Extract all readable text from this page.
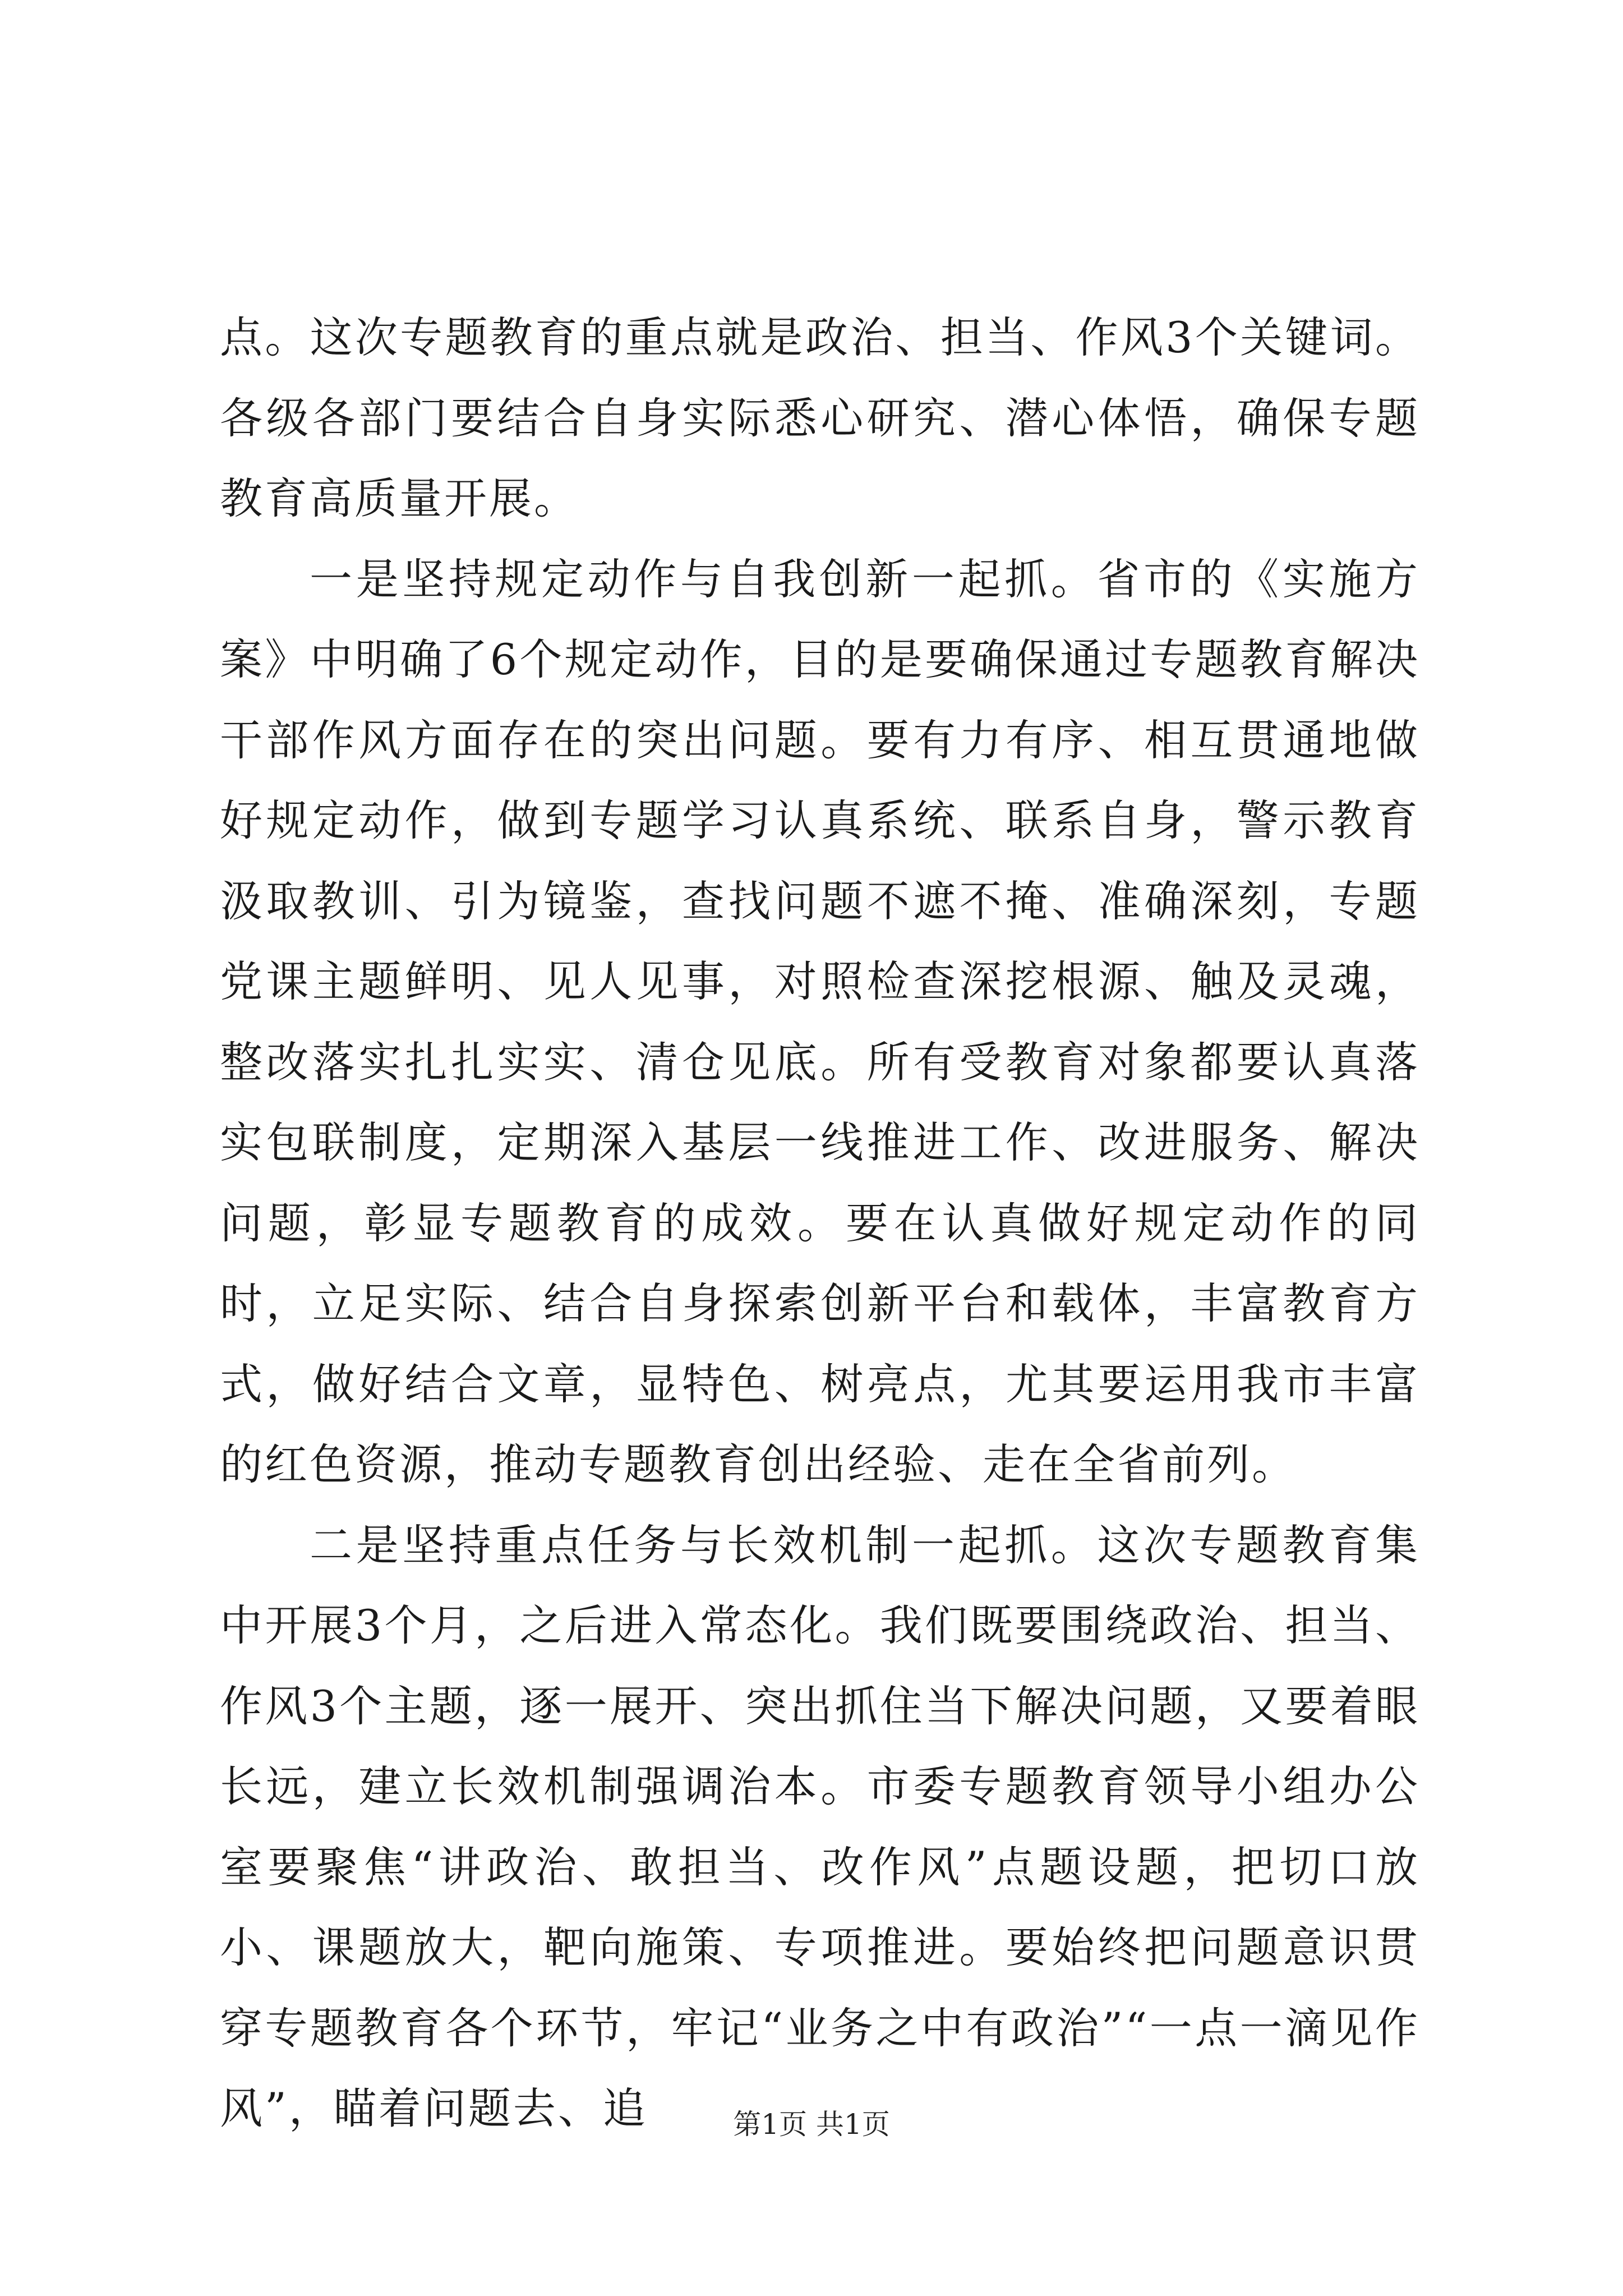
点。这次专题教育的重点就是政治、担当、作风3个关键词。各级各部门要结合自身实际悉心研究、潜心体悟，确保专题教育高质量开展。

一是坚持规定动作与自我创新一起抓。省市的《实施方案》中明确了6个规定动作，目的是要确保通过专题教育解决干部作风方面存在的突出问题。要有力有序、相互贯通地做好规定动作，做到专题学习认真系统、联系自身，警示教育汲取教训、引为镜鉴，查找问题不遮不掩、准确深刻，专题党课主题鲜明、见人见事，对照检查深挖根源、触及灵魂，整改落实扎扎实实、清仓见底。所有受教育对象都要认真落实包联制度，定期深入基层一线推进工作、改进服务、解决问题，彰显专题教育的成效。要在认真做好规定动作的同时，立足实际、结合自身探索创新平台和载体，丰富教育方式，做好结合文章，显特色、树亮点，尤其要运用我市丰富的红色资源，推动专题教育创出经验、走在全省前列。

二是坚持重点任务与长效机制一起抓。这次专题教育集中开展3个月，之后进入常态化。我们既要围绕政治、担当、作风3个主题，逐一展开、突出抓住当下解决问题，又要着眼长远，建立长效机制强调治本。市委专题教育领导小组办公室要聚焦“讲政治、敢担当、改作风”点题设题，把切口放小、课题放大，靶向施策、专项推进。要始终把问题意识贯穿专题教育各个环节，牢记“业务之中有政治”“一点一滴见作风”，瞄着问题去、追	第1页 共1页
